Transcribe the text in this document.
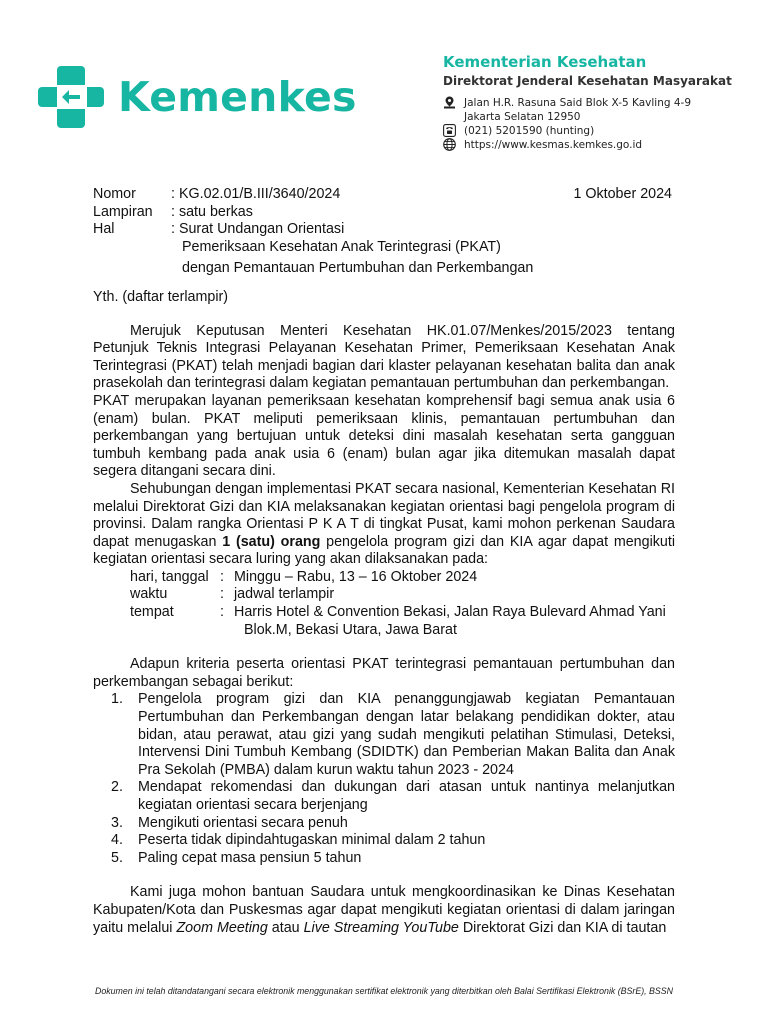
Kemenkes
Kementerian Kesehatan
Direktorat Jenderal Kesehatan Masyarakat
Jalan H.R. Rasuna Said Blok X-5 Kavling 4-9
Jakarta Selatan 12950
(021) 5201590 (hunting)
https://www.kesmas.kemkes.go.id
Nomor	: KG.02.01/B.III/3640/2024	1 Oktober 2024
Lampiran	: satu berkas
Hal	: Surat Undangan Orientasi
Pemeriksaan Kesehatan Anak Terintegrasi (PKAT)
dengan Pemantauan Pertumbuhan dan Perkembangan
Yth. (daftar terlampir)

Merujuk Keputusan Menteri Kesehatan HK.01.07/Menkes/2015/2023 tentang Petunjuk Teknis Integrasi Pelayanan Kesehatan Primer, Pemeriksaan Kesehatan Anak Terintegrasi (PKAT) telah menjadi bagian dari klaster pelayanan kesehatan balita dan anak prasekolah dan terintegrasi dalam kegiatan pemantauan pertumbuhan dan perkembangan.

PKAT merupakan layanan pemeriksaan kesehatan komprehensif bagi semua anak usia 6 (enam) bulan. PKAT meliputi pemeriksaan klinis, pemantauan pertumbuhan dan perkembangan yang bertujuan untuk deteksi dini masalah kesehatan serta gangguan tumbuh kembang pada anak usia 6 (enam) bulan agar jika ditemukan masalah dapat segera ditangani secara dini.

Sehubungan dengan implementasi PKAT secara nasional, Kementerian Kesehatan RI melalui Direktorat Gizi dan KIA melaksanakan kegiatan orientasi bagi pengelola program di provinsi. Dalam rangka Orientasi P K A T di tingkat Pusat, kami mohon perkenan Saudara dapat menugaskan 1 (satu) orang pengelola program gizi dan KIA agar dapat mengikuti kegiatan orientasi secara luring yang akan dilaksanakan pada:

hari, tanggal : Minggu – Rabu, 13 – 16 Oktober 2024
waktu	: jadwal terlampir
tempat	: Harris Hotel & Convention Bekasi, Jalan Raya Bulevard Ahmad Yani
Blok.M, Bekasi Utara, Jawa Barat

Adapun kriteria peserta orientasi PKAT terintegrasi pemantauan pertumbuhan dan perkembangan sebagai berikut:

1.	Pengelola program gizi dan KIA penanggungjawab kegiatan Pemantauan Pertumbuhan dan Perkembangan dengan latar belakang pendidikan dokter, atau bidan, atau perawat, atau gizi yang sudah mengikuti pelatihan Stimulasi, Deteksi, Intervensi Dini Tumbuh Kembang (SDIDTK) dan Pemberian Makan Balita dan Anak Pra Sekolah (PMBA) dalam kurun waktu tahun 2023 - 2024
2.	Mendapat rekomendasi dan dukungan dari atasan untuk nantinya melanjutkan kegiatan orientasi secara berjenjang
3.	Mengikuti orientasi secara penuh
4.	Peserta tidak dipindahtugaskan minimal dalam 2 tahun
5.	Paling cepat masa pensiun 5 tahun

Kami juga mohon bantuan Saudara untuk mengkoordinasikan ke Dinas Kesehatan Kabupaten/Kota dan Puskesmas agar dapat mengikuti kegiatan orientasi di dalam jaringan yaitu melalui Zoom Meeting atau Live Streaming YouTube Direktorat Gizi dan KIA di tautan

Dokumen ini telah ditandatangani secara elektronik menggunakan sertifikat elektronik yang diterbitkan oleh Balai Sertifikasi Elektronik (BSrE), BSSN
